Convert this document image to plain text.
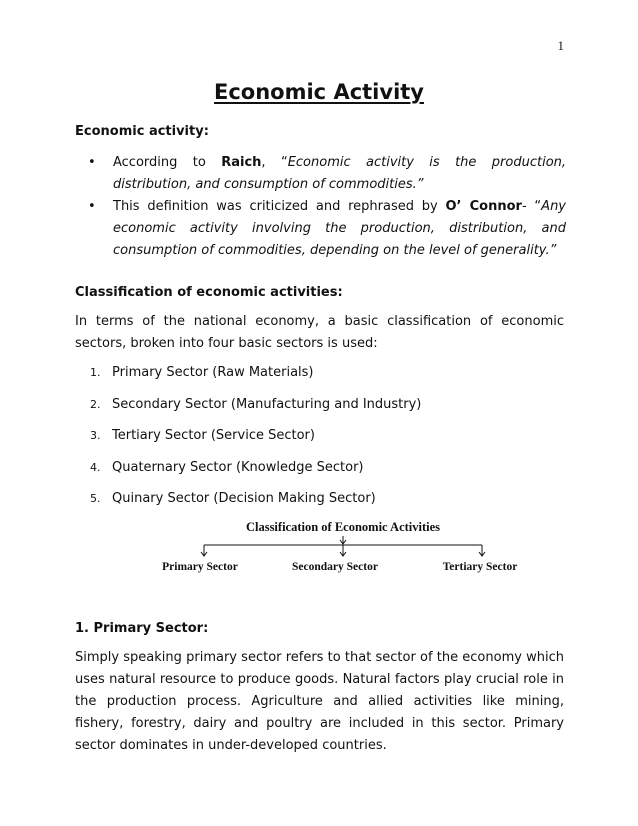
1
Economic Activity
Economic activity:
• According to Raich, “Economic activity is the production, distribution, and consumption of commodities.”
• This definition was criticized and rephrased by O’ Connor- “Any economic activity involving the production, distribution, and consumption of commodities, depending on the level of generality.”
Classification of economic activities:

In terms of the national economy, a basic classification of economic sectors, broken into four basic sectors is used:

1. Primary Sector (Raw Materials)
2. Secondary Sector (Manufacturing and Industry)
3. Tertiary Sector (Service Sector)
4. Quaternary Sector (Knowledge Sector)
5. Quinary Sector (Decision Making Sector)
Classification of Economic Activities
Primary Sector	Secondary Sector	Tertiary Sector
1. Primary Sector:

Simply speaking primary sector refers to that sector of the economy which uses natural resource to produce goods. Natural factors play crucial role in the production process. Agriculture and allied activities like mining, fishery, forestry, dairy and poultry are included in this sector. Primary sector dominates in under-developed countries.
